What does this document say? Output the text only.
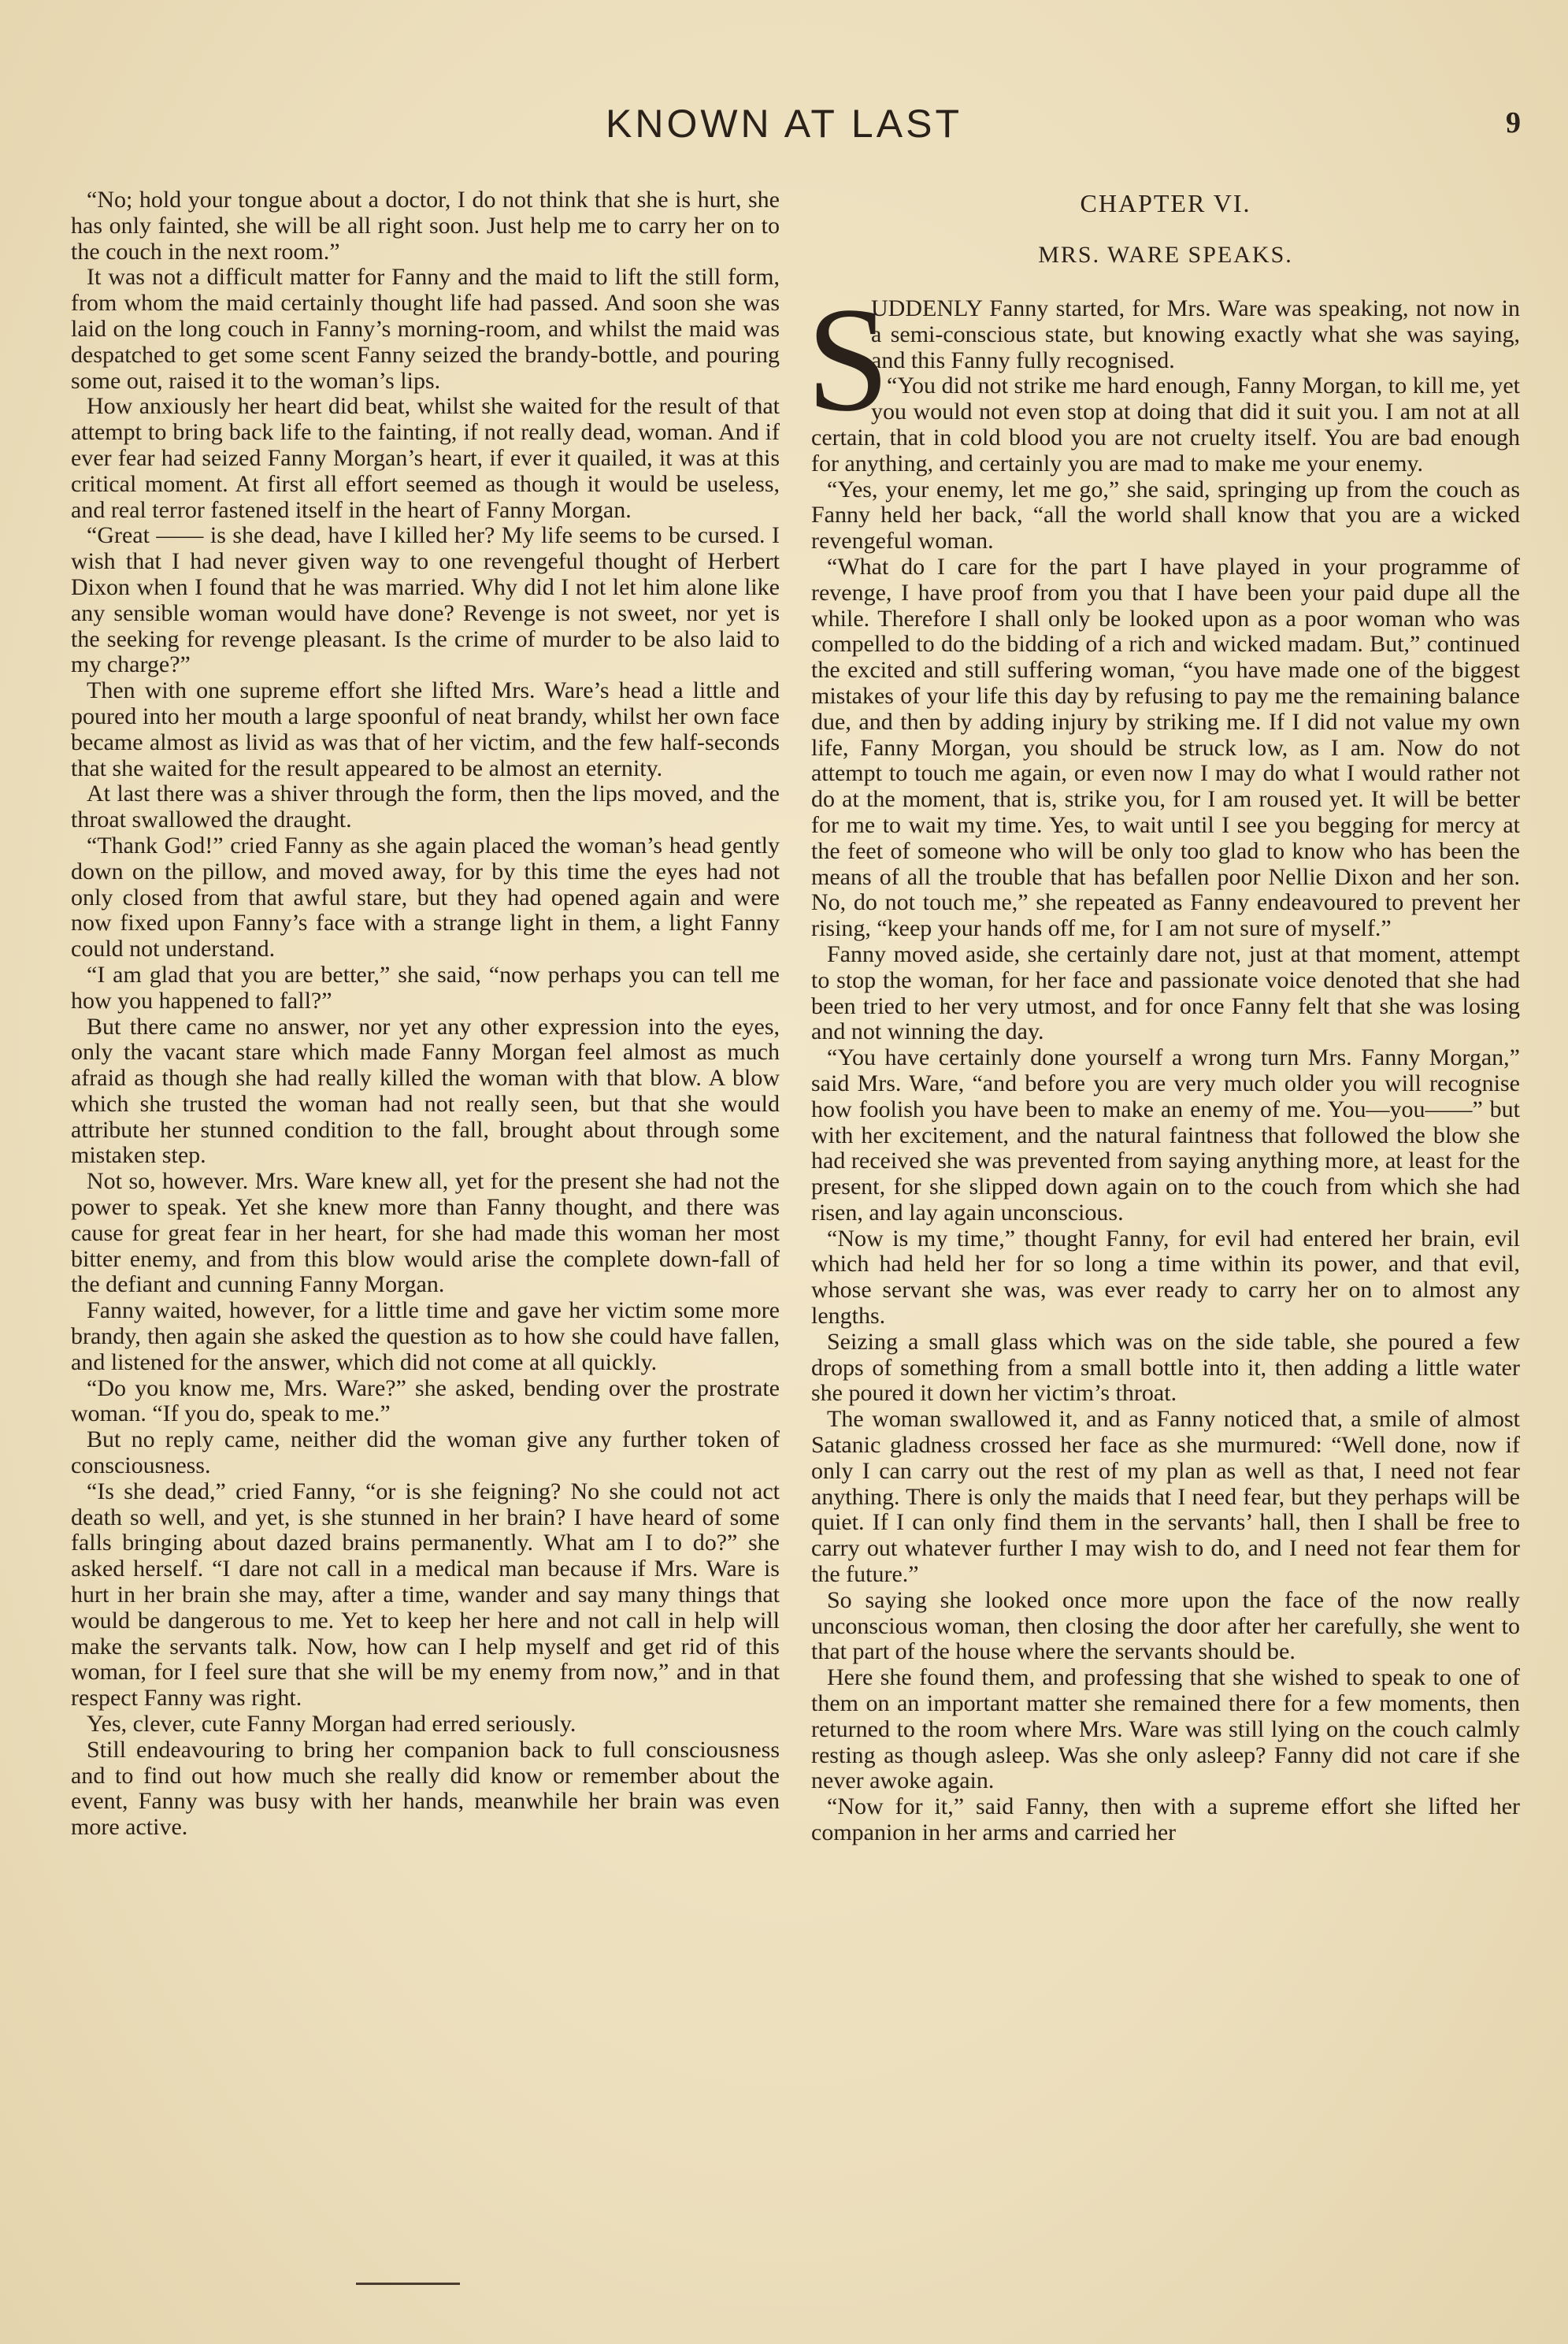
KNOWN AT LAST	9

“No; hold your tongue about a doctor, I do not think that she is hurt, she has only fainted, she will be all right soon. Just help me to carry her on to the couch in the next room.”

It was not a difficult matter for Fanny and the maid to lift the still form, from whom the maid certainly thought life had passed. And soon she was laid on the long couch in Fanny’s morning-room, and whilst the maid was despatched to get some scent Fanny seized the brandy-bottle, and pouring some out, raised it to the woman’s lips.

How anxiously her heart did beat, whilst she waited for the result of that attempt to bring back life to the fainting, if not really dead, woman. And if ever fear had seized Fanny Morgan’s heart, if ever it quailed, it was at this critical moment. At first all effort seemed as though it would be useless, and real terror fastened itself in the heart of Fanny Morgan.

“Great —— is she dead, have I killed her? My life seems to be cursed. I wish that I had never given way to one revengeful thought of Herbert Dixon when I found that he was married. Why did I not let him alone like any sensible woman would have done? Revenge is not sweet, nor yet is the seeking for revenge pleasant. Is the crime of murder to be also laid to my charge?”

Then with one supreme effort she lifted Mrs. Ware’s head a little and poured into her mouth a large spoonful of neat brandy, whilst her own face became almost as livid as was that of her victim, and the few half-seconds that she waited for the result appeared to be almost an eternity.

At last there was a shiver through the form, then the lips moved, and the throat swallowed the draught.

“Thank God!” cried Fanny as she again placed the woman’s head gently down on the pillow, and moved away, for by this time the eyes had not only closed from that awful stare, but they had opened again and were now fixed upon Fanny’s face with a strange light in them, a light Fanny could not understand.

“I am glad that you are better,” she said, “now perhaps you can tell me how you happened to fall?”

But there came no answer, nor yet any other expression into the eyes, only the vacant stare which made Fanny Morgan feel almost as much afraid as though she had really killed the woman with that blow. A blow which she trusted the woman had not really seen, but that she would attribute her stunned condition to the fall, brought about through some mistaken step.

Not so, however. Mrs. Ware knew all, yet for the present she had not the power to speak. Yet she knew more than Fanny thought, and there was cause for great fear in her heart, for she had made this woman her most bitter enemy, and from this blow would arise the complete down-fall of the defiant and cunning Fanny Morgan.

Fanny waited, however, for a little time and gave her victim some more brandy, then again she asked the question as to how she could have fallen, and listened for the answer, which did not come at all quickly.

“Do you know me, Mrs. Ware?” she asked, bending over the prostrate woman. “If you do, speak to me.”

But no reply came, neither did the woman give any further token of consciousness.

“Is she dead,” cried Fanny, “or is she feigning? No she could not act death so well, and yet, is she stunned in her brain? I have heard of some falls bringing about dazed brains permanently. What am I to do?” she asked herself. “I dare not call in a medical man because if Mrs. Ware is hurt in her brain she may, after a time, wander and say many things that would be dangerous to me. Yet to keep her here and not call in help will make the servants talk. Now, how can I help myself and get rid of this woman, for I feel sure that she will be my enemy from now,” and in that respect Fanny was right.

Yes, clever, cute Fanny Morgan had erred seriously.

Still endeavouring to bring her companion back to full consciousness and to find out how much she really did know or remember about the event, Fanny was busy with her hands, meanwhile her brain was even more active.

CHAPTER VI.
MRS. WARE SPEAKS.

S
UDDENLY Fanny started, for Mrs. Ware was speaking, not now in a semi-conscious state, but knowing exactly what she was saying, and this Fanny fully recognised.

“You did not strike me hard enough, Fanny Morgan, to kill me, yet you would not even stop at doing that did it suit you. I am not at all certain, that in cold blood you are not cruelty itself. You are bad enough for anything, and certainly you are mad to make me your enemy.

“Yes, your enemy, let me go,” she said, springing up from the couch as Fanny held her back, “all the world shall know that you are a wicked revengeful woman.

“What do I care for the part I have played in your programme of revenge, I have proof from you that I have been your paid dupe all the while. Therefore I shall only be looked upon as a poor woman who was compelled to do the bidding of a rich and wicked madam. But,” continued the excited and still suffering woman, “you have made one of the biggest mistakes of your life this day by refusing to pay me the remaining balance due, and then by adding injury by striking me. If I did not value my own life, Fanny Morgan, you should be struck low, as I am. Now do not attempt to touch me again, or even now I may do what I would rather not do at the moment, that is, strike you, for I am roused yet. It will be better for me to wait my time. Yes, to wait until I see you begging for mercy at the feet of someone who will be only too glad to know who has been the means of all the trouble that has befallen poor Nellie Dixon and her son. No, do not touch me,” she repeated as Fanny endeavoured to prevent her rising, “keep your hands off me, for I am not sure of myself.”

Fanny moved aside, she certainly dare not, just at that moment, attempt to stop the woman, for her face and passionate voice denoted that she had been tried to her very utmost, and for once Fanny felt that she was losing and not winning the day.

“You have certainly done yourself a wrong turn Mrs. Fanny Morgan,” said Mrs. Ware, “and before you are very much older you will recognise how foolish you have been to make an enemy of me. You—you——” but with her excitement, and the natural faintness that followed the blow she had received she was prevented from saying anything more, at least for the present, for she slipped down again on to the couch from which she had risen, and lay again unconscious.

“Now is my time,” thought Fanny, for evil had entered her brain, evil which had held her for so long a time within its power, and that evil, whose servant she was, was ever ready to carry her on to almost any lengths.

Seizing a small glass which was on the side table, she poured a few drops of something from a small bottle into it, then adding a little water she poured it down her victim’s throat.

The woman swallowed it, and as Fanny noticed that, a smile of almost Satanic gladness crossed her face as she murmured: “Well done, now if only I can carry out the rest of my plan as well as that, I need not fear anything. There is only the maids that I need fear, but they perhaps will be quiet. If I can only find them in the servants’ hall, then I shall be free to carry out whatever further I may wish to do, and I need not fear them for the future.”

So saying she looked once more upon the face of the now really unconscious woman, then closing the door after her carefully, she went to that part of the house where the servants should be.

Here she found them, and professing that she wished to speak to one of them on an important matter she remained there for a few moments, then returned to the room where Mrs. Ware was still lying on the couch calmly resting as though asleep. Was she only asleep? Fanny did not care if she never awoke again.

“Now for it,” said Fanny, then with a supreme effort she lifted her companion in her arms and carried her
